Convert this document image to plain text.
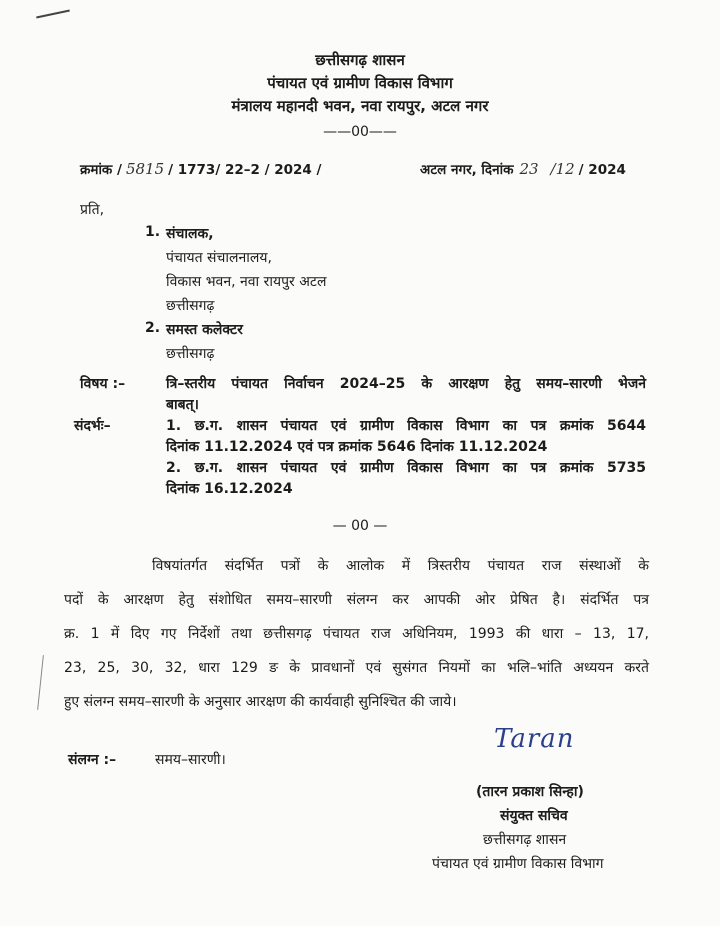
छत्तीसगढ़ शासन
पंचायत एवं ग्रामीण विकास विभाग
मंत्रालय महानदी भवन, नवा रायपुर, अटल नगर
——00——
क्रमांक / 5815 / 1773/ 22–2 / 2024 /	अटल नगर, दिनांक 23 /12 / 2024
प्रति,
1. संचालक,
पंचायत संचालनालय,
विकास भवन, नवा रायपुर अटल
छत्तीसगढ़
2. समस्त कलेक्टर
छत्तीसगढ़
विषय :–	त्रि–स्तरीय पंचायत निर्वाचन 2024–25 के आरक्षण हेतु समय–सारणी भेजने
बाबत्।
संदर्भः–	1. छ.ग. शासन पंचायत एवं ग्रामीण विकास विभाग का पत्र क्रमांक 5644
दिनांक 11.12.2024 एवं पत्र क्रमांक 5646 दिनांक 11.12.2024
2. छ.ग. शासन पंचायत एवं ग्रामीण विकास विभाग का पत्र क्रमांक 5735
दिनांक 16.12.2024
— 00 —
विषयांतर्गत संदर्भित पत्रों के आलोक में त्रिस्तरीय पंचायत राज संस्थाओं के
पदों के आरक्षण हेतु संशोधित समय–सारणी संलग्न कर आपकी ओर प्रेषित है। संदर्भित पत्र
क्र. 1 में दिए गए निर्देशों तथा छत्तीसगढ़ पंचायत राज अधिनियम, 1993 की धारा – 13, 17,
23, 25, 30, 32, धारा 129 ङ के प्रावधानों एवं सुसंगत नियमों का भलि–भांति अध्ययन करते
हुए संलग्न समय–सारणी के अनुसार आरक्षण की कार्यवाही सुनिश्चित की जाये।
संलग्न :–	समय–सारणी।
Taran
(तारन प्रकाश सिन्हा)
संयुक्त सचिव
छत्तीसगढ़ शासन
पंचायत एवं ग्रामीण विकास विभाग
